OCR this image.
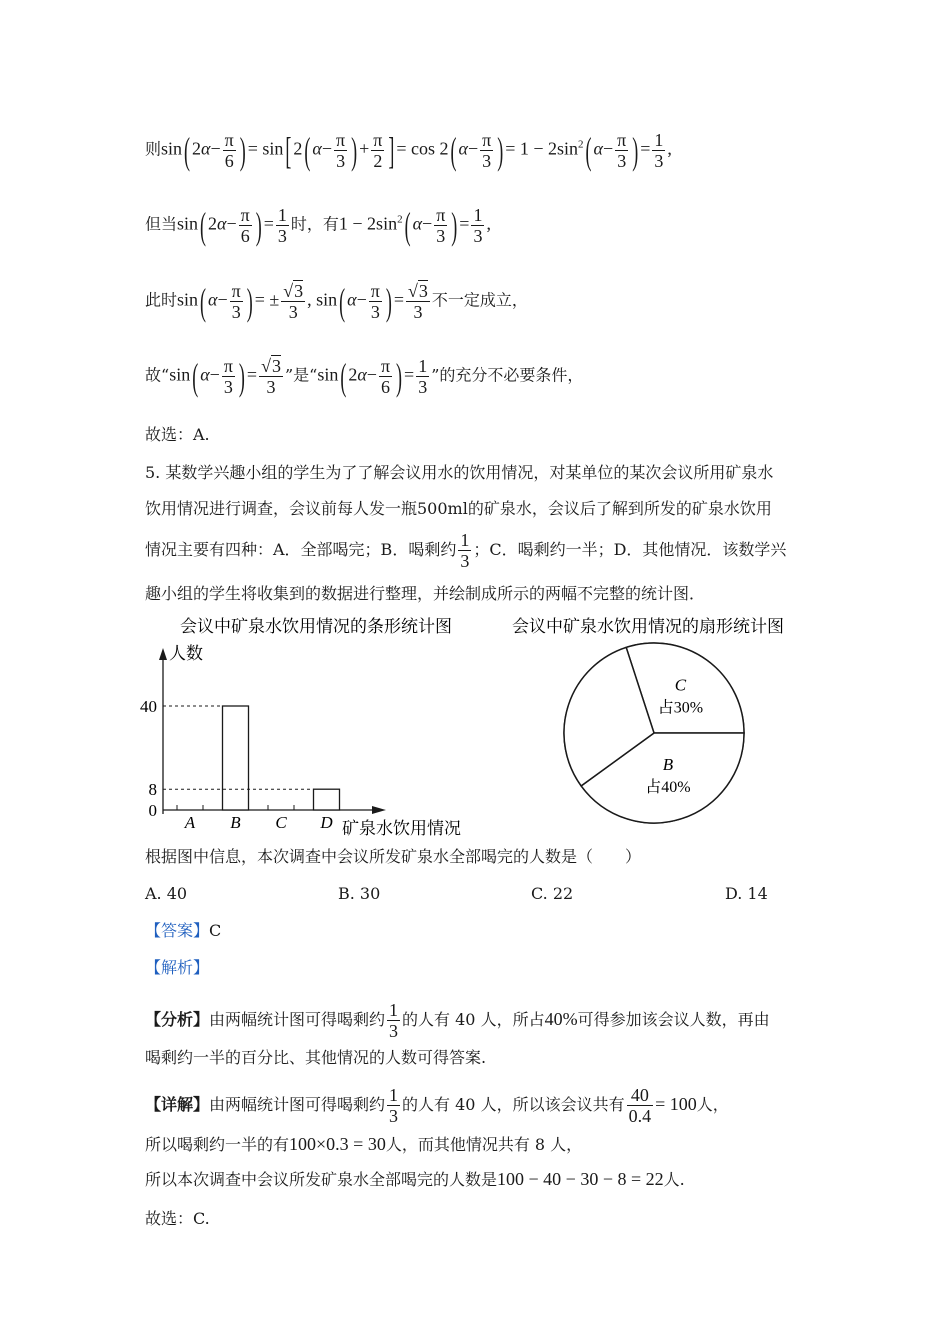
则sin ( $2\alpha- \frac{\pi}{6}$ ) = sin [ 2 ( $\alpha- \frac{\pi}{3}$ ) + $\frac{\pi}{2}$ ] = cos 2 ( $\alpha- \frac{\pi}{3}$ ) = $1 - 2\sin^2$ ( $\alpha- \frac{\pi}{3}$ ) = $\frac{1}{3}$ ,
但当sin ( $2\alpha- \frac{\pi}{6}$ ) = $\frac{1}{3}$ 时，有$1 - 2\sin^2$ ( $\alpha- \frac{\pi}{3}$ ) = $\frac{1}{3}$ ,
此时sin ( $\alpha- \frac{\pi}{3}$ ) = ± $\frac{√3}{3}$ , sin ( $\alpha- \frac{\pi}{3}$ ) = $\frac{√3}{3}$ 不一定成立，
故“sin ( $\alpha- \frac{\pi}{3}$ ) = $\frac{√3}{3}$ ”是“sin ( $2\alpha- \frac{\pi}{6}$ ) = $\frac{1}{3}$ ”的充分不必要条件，
故选：A.
5. 某数学兴趣小组的学生为了了解会议用水的饮用情况，对某单位的某次会议所用矿泉水
饮用情况进行调查，会议前每人发一瓶500ml的矿泉水，会议后了解到所发的矿泉水饮用
情况主要有四种：A．全部喝完；B．喝剩约 $\frac{1}{3}$ ；C．喝剩约一半；D．其他情况．该数学兴
趣小组的学生将收集到的数据进行整理，并绘制成所示的两幅不完整的统计图．
会议中矿泉水饮用情况的条形统计图	会议中矿泉水饮用情况的扇形统计图
人数
矿泉水饮用情况
0
8
40
A B C D
C
占30%
B
占40%
根据图中信息，本次调查中会议所发矿泉水全部喝完的人数是（　　）
A. 40	B. 30	C. 22	D. 14
【答案】C
【解析】
【分析】由两幅统计图可得喝剩约 $\frac{1}{3}$ 的人有 40 人，所占40%可得参加该会议人数，再由
喝剩约一半的百分比、其他情况的人数可得答案.
【详解】由两幅统计图可得喝剩约 $\frac{1}{3}$ 的人有 40 人，所以该会议共有 $\frac{40}{0.4} = 100$人，
所以喝剩约一半的有100×0.3 = 30人，而其他情况共有 8 人，
所以本次调查中会议所发矿泉水全部喝完的人数是100 − 40 − 30 − 8 = 22人.
故选：C.
